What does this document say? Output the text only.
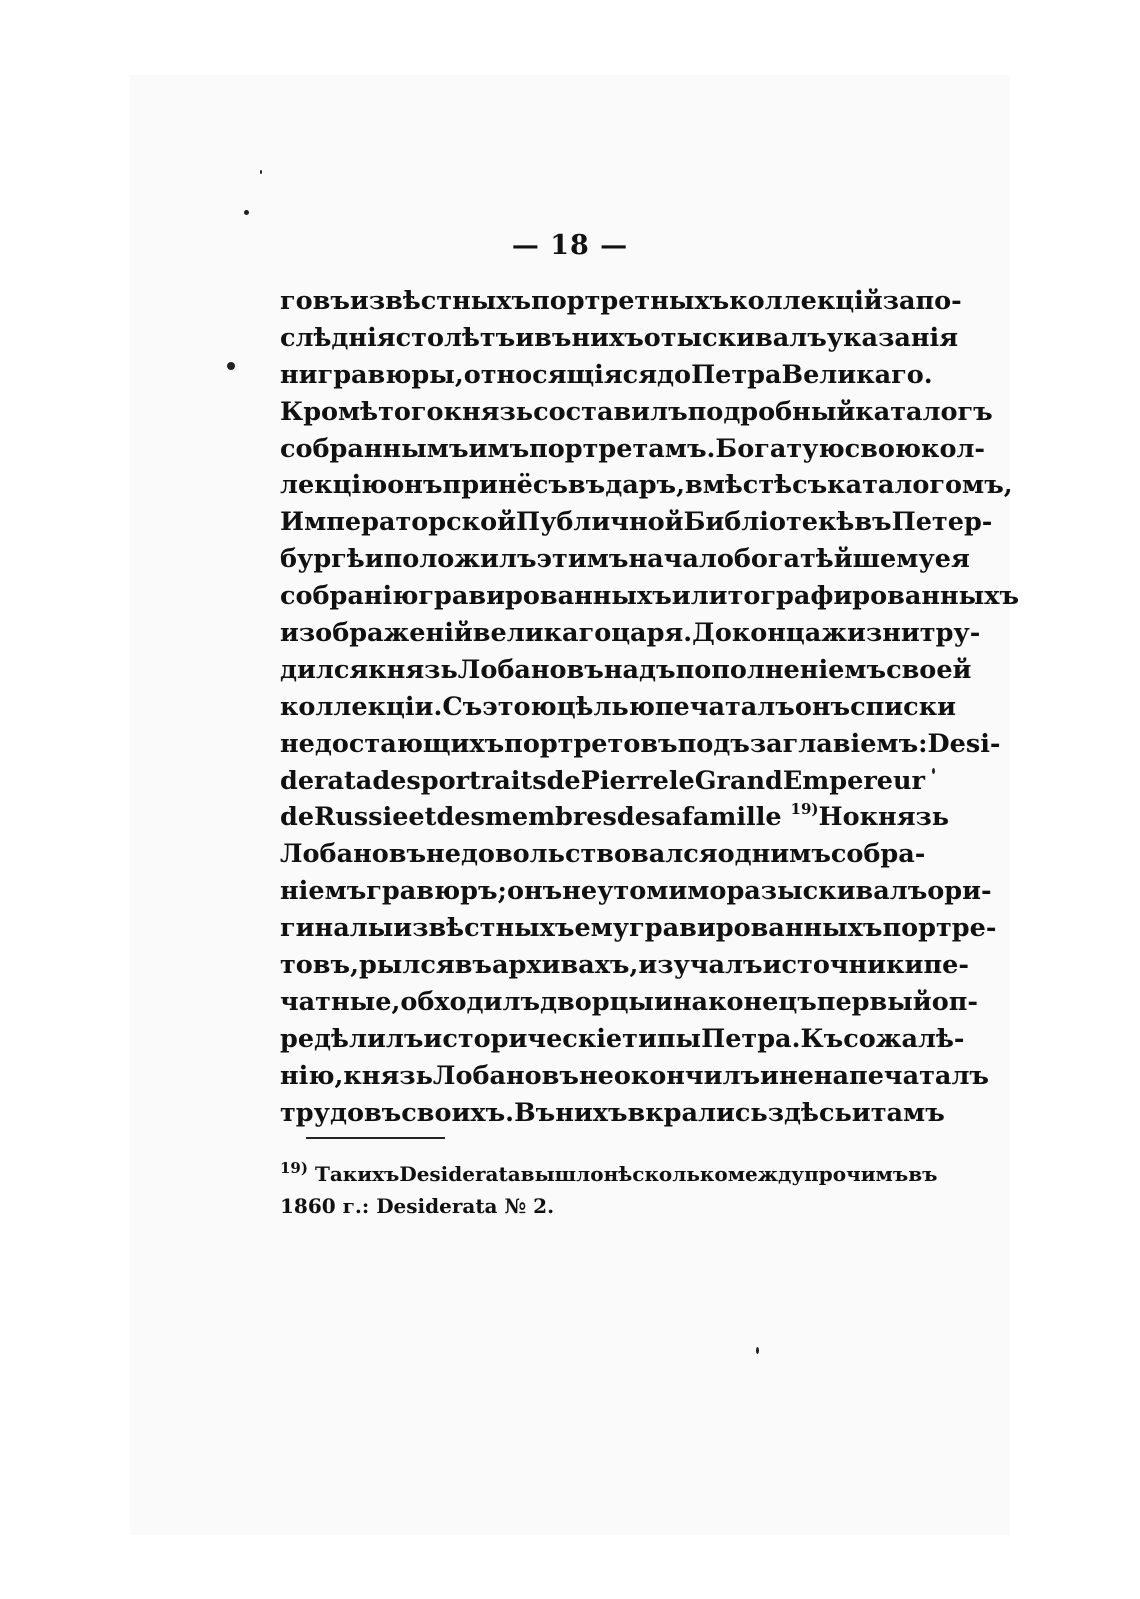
— 18 —
говъ извѣстныхъ портретныхъ коллекцій за по-
слѣднія сто лѣтъ и въ нихъ отыскивалъ указанія
ни гравюры, относящіяся до Петра Великаго.
Кромѣ того князь составилъ подробный каталогъ
собраннымъ имъ портретамъ. Богатую свою кол-
лекцію онъ принёсъ въ даръ, вмѣстѣ съ каталогомъ,
Императорской Публичной Библіотекѣ въ Петер-
бургѣ и положилъ этимъ начало богатѣйшему ея
собранію гравированныхъ и литографированныхъ
изображеній великаго царя. До конца жизни тру-
дился князь Лобановъ надъ пополненіемъ своей
коллекціи. Съ этою цѣлью печаталъ онъ списки
недостающихъ портретовъ подъ заглавіемъ: Desi-
derata des portraits de Pierre le Grand Empereur
de Russie et des membres de sa famille $^{19)}$ Но князь
Лобановъ не довольствовался однимъ собра-
ніемъ гравюръ; онъ неутомимо разыскивалъ ори-
гиналы извѣстныхъ ему гравированныхъ портре-
товъ, рылся въ архивахъ, изучалъ источники пе-
чатные, обходилъ дворцы и наконецъ первый оп-
редѣлилъ историческіе типы Петра. Къ сожалѣ-
нію, князь Лобановъ не окончилъ и не напечаталъ
трудовъ своихъ. Въ нихъ вкрались здѣсь и тамъ
$^{19)}$ Такихъ Desiderata вышло нѣсколько между прочимъ въ
1860 г.: Desiderata № 2.
